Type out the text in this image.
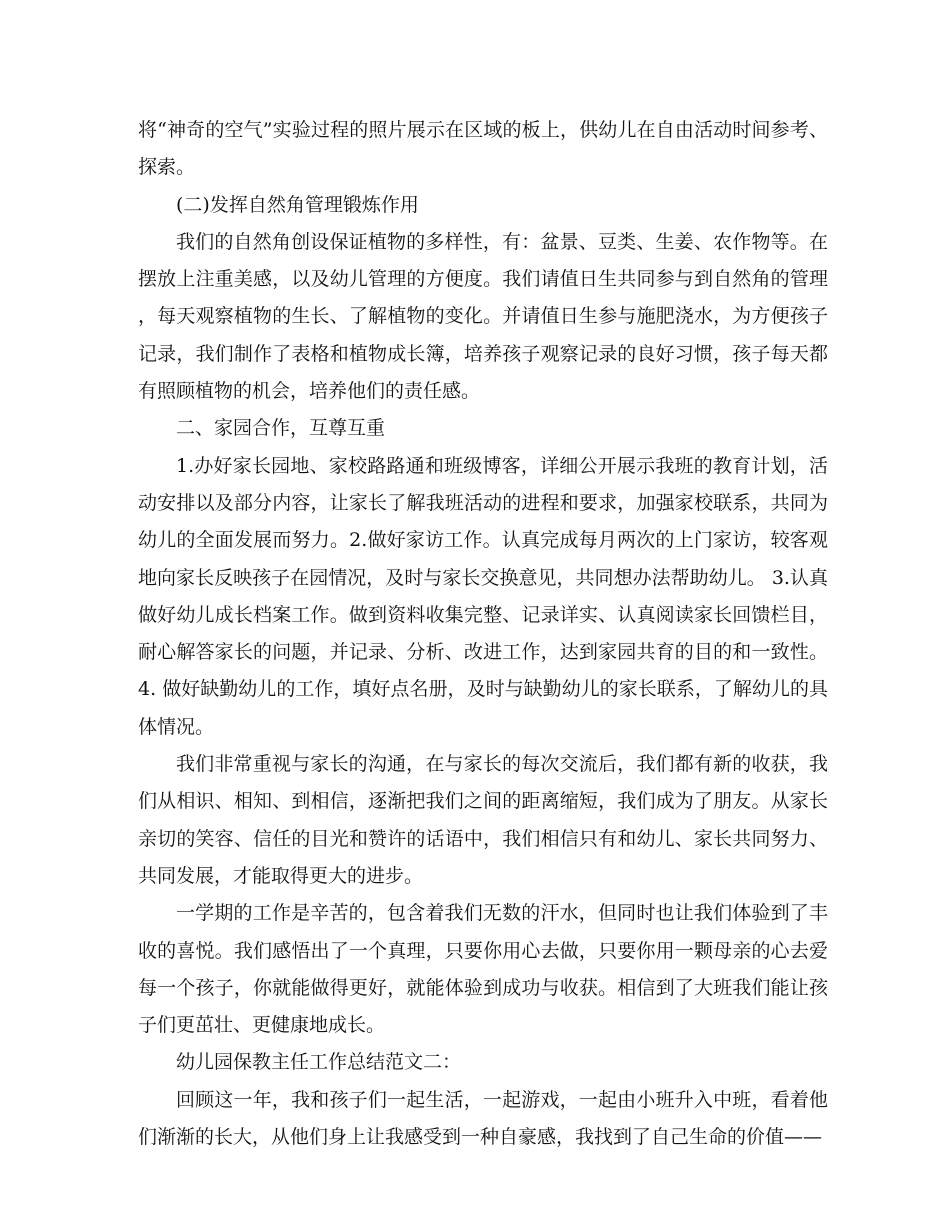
将“神奇的空气”实验过程的照片展示在区域的板上，供幼儿在自由活动时间参考、探索。

(二)发挥自然角管理锻炼作用

我们的自然角创设保证植物的多样性，有：盆景、豆类、生姜、农作物等。在摆放上注重美感，以及幼儿管理的方便度。我们请值日生共同参与到自然角的管理，每天观察植物的生长、了解植物的变化。并请值日生参与施肥浇水，为方便孩子记录，我们制作了表格和植物成长簿，培养孩子观察记录的良好习惯，孩子每天都有照顾植物的机会，培养他们的责任感。

二、家园合作，互尊互重

1.办好家长园地、家校路路通和班级博客，详细公开展示我班的教育计划，活动安排以及部分内容，让家长了解我班活动的进程和要求，加强家校联系，共同为幼儿的全面发展而努力。2.做好家访工作。认真完成每月两次的上门家访，较客观地向家长反映孩子在园情况，及时与家长交换意见，共同想办法帮助幼儿。 3.认真做好幼儿成长档案工作。做到资料收集完整、记录详实、认真阅读家长回馈栏目，耐心解答家长的问题，并记录、分析、改进工作，达到家园共育的目的和一致性。4. 做好缺勤幼儿的工作，填好点名册，及时与缺勤幼儿的家长联系，了解幼儿的具体情况。

我们非常重视与家长的沟通，在与家长的每次交流后，我们都有新的收获，我们从相识、相知、到相信，逐渐把我们之间的距离缩短，我们成为了朋友。从家长亲切的笑容、信任的目光和赞许的话语中，我们相信只有和幼儿、家长共同努力、共同发展，才能取得更大的进步。

一学期的工作是辛苦的，包含着我们无数的汗水，但同时也让我们体验到了丰收的喜悦。我们感悟出了一个真理，只要你用心去做，只要你用一颗母亲的心去爱每一个孩子，你就能做得更好，就能体验到成功与收获。相信到了大班我们能让孩子们更茁壮、更健康地成长。

幼儿园保教主任工作总结范文二：

回顾这一年，我和孩子们一起生活，一起游戏，一起由小班升入中班，看着他们渐渐的长大，从他们身上让我感受到一种自豪感，我找到了自己生命的价值——
